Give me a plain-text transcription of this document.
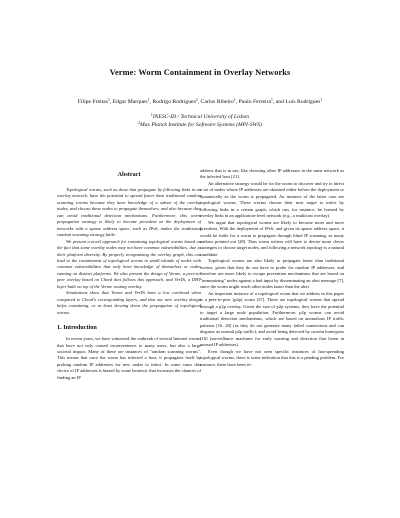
Verme: Worm Containment in Overlay Networks
Filipe Freitas$^1$, Edgar Marques$^1$, Rodrigo Rodrigues$^2$, Carlos Ribeiro$^1$, Paulo Ferreira$^1$, and Luís Rodrigues$^1$
$^1$INESC-ID / Technical University of Lisbon
$^2$Max Planck Institute for Software Systems (MPI-SWS)
Abstract

Topological worms, such as those that propagate by following links in an overlay network, have the potential to spread faster than traditional random scanning worms because they have knowledge of a subset of the overlay nodes, and choose these nodes to propagate themselves; and also because they can avoid traditional detection mechanisms. Furthermore, this worm propagation strategy is likely to become prevalent as the deployment of networks with a sparse address space, such as IPv6, makes the traditional random scanning strategy futile.

We present a novel approach for containing topological worms based on the fact that some overlay nodes may not have common vulnerabilities, due to their platform diversity. By properly reorganizing the overlay graph, this can lead to the containment of topological worms in small islands of nodes with common vulnerabilities that only have knowledge of themselves or nodes running on distinct platforms. We also present the design of Verme, a peer-to-peer overlay based on Chord that follows this approach, and VerDi, a DHT layer built on top of the Verme routing overlay.

Simulations show that Verme and VerDi have a low overhead when compared to Chord's corresponding layers, and that our new overlay design helps containing, or at least slowing down the propagation of topological worms.

1. Introduction

In recent years, we have witnessed the outbreak of several Internet worms that have not only caused inconvenience to many users, but also a large societal impact. Many of these are instances of "random scanning worms". This means that once the worm has infected a host, it propagates itself by probing random IP addresses for new nodes to infect. In some cases this choice of IP addresses is biased by some heuristic that increases the chances of finding an IP

address that is in use, like choosing other IP addresses in the same network as the infected host [21].

An alternative strategy would be for the worm to discover and try to infect a set of nodes whose IP addresses are obtained either before the deployment or dynamically as the worm is propagated. An instance of the latter case are topological worms. These worms choose their next target to infect by following links in a certain graph, which can, for instance, be formed by overlay links in an application-level network (e.g., a multicast overlay).

We argue that topological worms are likely to become more and more prevalent. With the deployment of IPv6, and given its sparse address space, it would be futile for a worm to propagate through blind IP scanning, as many authors pointed out [28]. Thus worm writers will have to devise more clever strategies to choose target nodes, and following a network topology is a natural candidate.

Topological worms are also likely to propagate faster than traditional worms, given that they do not have to probe for random IP addresses, and therefore are more likely to escape prevention mechanisms that are based on "immunizing" nodes against a bad input by disseminating an alert message [7], since the worm might reach other nodes faster than the alert.

An important instance of a topological worm that we address in this paper is a peer-to-peer (p2p) worm [27]. These are topological worms that spread through a p2p overlay. Given the size of p2p systems, they have the potential to target a large node population. Furthermore, p2p worms can avoid traditional detection mechanisms, which are based on anomalous IP traffic patterns [16, 20] (as they do not generate many failed connections and can disguise as normal p2p traffic), and avoid being detected by current honeypots [16] (surveillance machines for early warning and detection that listen in unused IP addresses).

Even though we have not seen specific instances of fast-spreading topological worms, there is some indication that this is a pending problem. For instance, there have been re-
